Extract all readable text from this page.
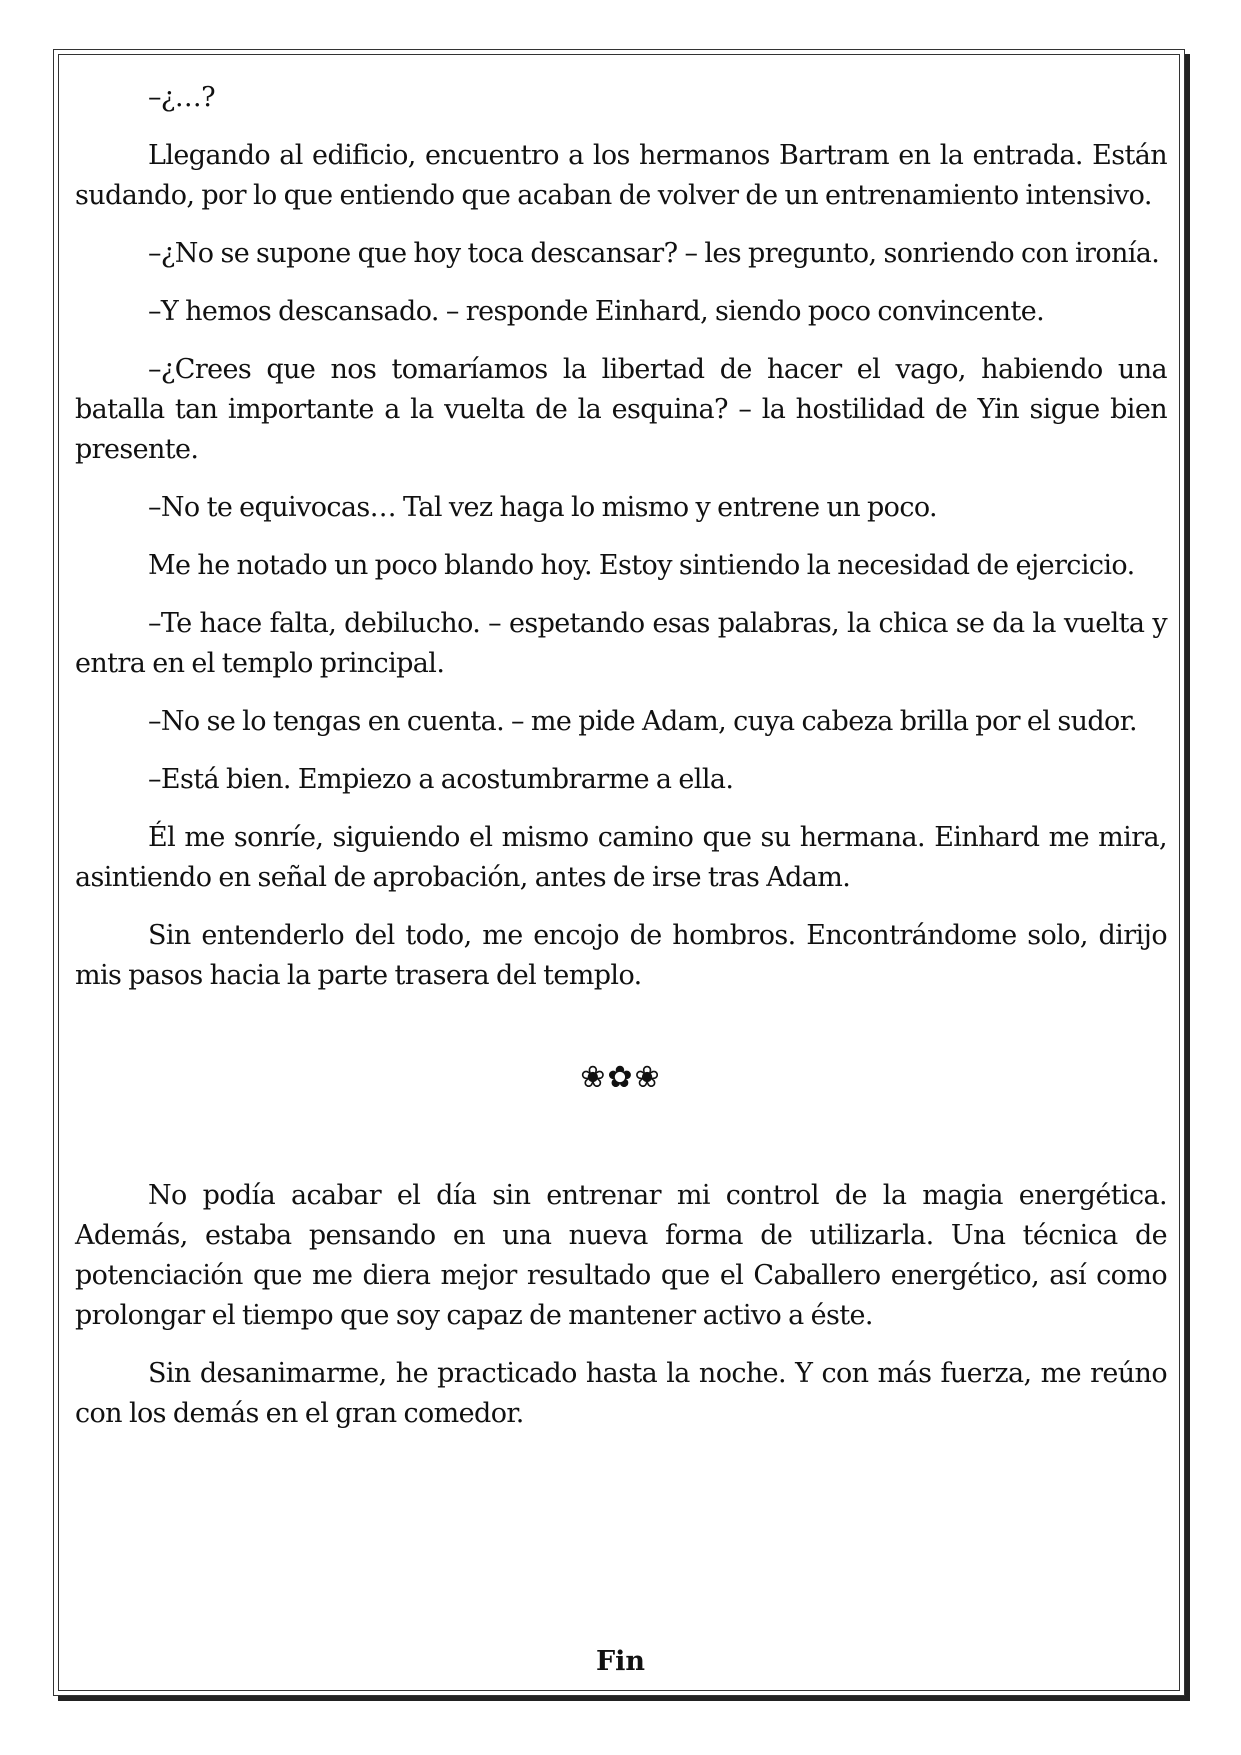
–¿…?

Llegando al edificio, encuentro a los hermanos Bartram en la entrada. Están sudando, por lo que entiendo que acaban de volver de un entrenamiento intensivo.

–¿No se supone que hoy toca descansar? – les pregunto, sonriendo con ironía.

–Y hemos descansado. – responde Einhard, siendo poco convincente.

–¿Crees que nos tomaríamos la libertad de hacer el vago, habiendo una batalla tan importante a la vuelta de la esquina? – la hostilidad de Yin sigue bien presente.

–No te equivocas… Tal vez haga lo mismo y entrene un poco.

Me he notado un poco blando hoy. Estoy sintiendo la necesidad de ejercicio.

–Te hace falta, debilucho. – espetando esas palabras, la chica se da la vuelta y entra en el templo principal.

–No se lo tengas en cuenta. – me pide Adam, cuya cabeza brilla por el sudor.

–Está bien. Empiezo a acostumbrarme a ella.

Él me sonríe, siguiendo el mismo camino que su hermana. Einhard me mira, asintiendo en señal de aprobación, antes de irse tras Adam.

Sin entenderlo del todo, me encojo de hombros. Encontrándome solo, dirijo mis pasos hacia la parte trasera del templo.

❀✿❀

No podía acabar el día sin entrenar mi control de la magia energética. Además, estaba pensando en una nueva forma de utilizarla. Una técnica de potenciación que me diera mejor resultado que el Caballero energético, así como prolongar el tiempo que soy capaz de mantener activo a éste.

Sin desanimarme, he practicado hasta la noche. Y con más fuerza, me reúno con los demás en el gran comedor.

Fin
